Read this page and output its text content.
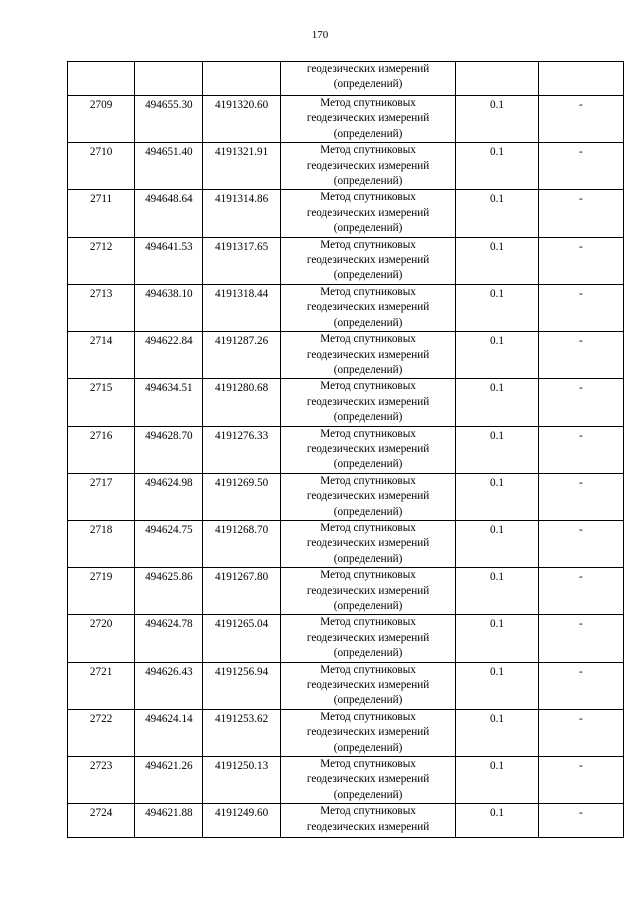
170

			геодезических измерений
(определений)		

2709	494655.30	4191320.60	Метод спутниковых
геодезических измерений
(определений)	0.1	-
2710	494651.40	4191321.91	Метод спутниковых
геодезических измерений
(определений)	0.1	-
2711	494648.64	4191314.86	Метод спутниковых
геодезических измерений
(определений)	0.1	-
2712	494641.53	4191317.65	Метод спутниковых
геодезических измерений
(определений)	0.1	-
2713	494638.10	4191318.44	Метод спутниковых
геодезических измерений
(определений)	0.1	-
2714	494622.84	4191287.26	Метод спутниковых
геодезических измерений
(определений)	0.1	-
2715	494634.51	4191280.68	Метод спутниковых
геодезических измерений
(определений)	0.1	-
2716	494628.70	4191276.33	Метод спутниковых
геодезических измерений
(определений)	0.1	-
2717	494624.98	4191269.50	Метод спутниковых
геодезических измерений
(определений)	0.1	-
2718	494624.75	4191268.70	Метод спутниковых
геодезических измерений
(определений)	0.1	-
2719	494625.86	4191267.80	Метод спутниковых
геодезических измерений
(определений)	0.1	-
2720	494624.78	4191265.04	Метод спутниковых
геодезических измерений
(определений)	0.1	-
2721	494626.43	4191256.94	Метод спутниковых
геодезических измерений
(определений)	0.1	-
2722	494624.14	4191253.62	Метод спутниковых
геодезических измерений
(определений)	0.1	-
2723	494621.26	4191250.13	Метод спутниковых
геодезических измерений
(определений)	0.1	-
2724	494621.88	4191249.60	Метод спутниковых
геодезических измерений	0.1	-
